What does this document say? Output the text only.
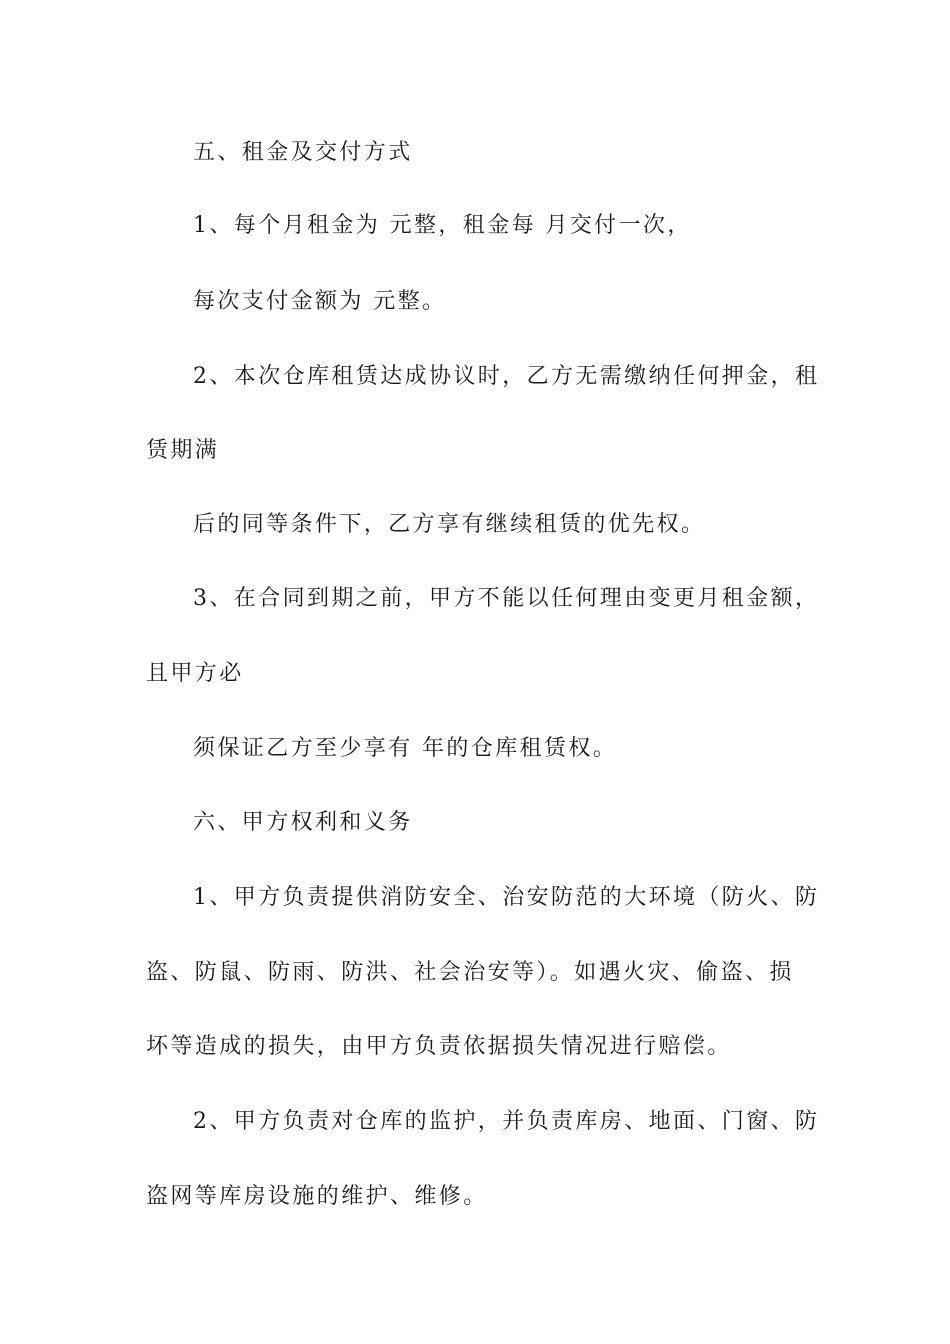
五、租金及交付方式

1、每个月租金为 元整，租金每 月交付一次，

每次支付金额为 元整。

2、本次仓库租赁达成协议时，乙方无需缴纳任何押金，租

赁期满

后的同等条件下，乙方享有继续租赁的优先权。

3、在合同到期之前，甲方不能以任何理由变更月租金额，

且甲方必

须保证乙方至少享有 年的仓库租赁权。

六、甲方权利和义务

1、甲方负责提供消防安全、治安防范的大环境（防火、防

盗、防鼠、防雨、防洪、社会治安等）。如遇火灾、偷盗、损

坏等造成的损失，由甲方负责依据损失情况进行赔偿。

2、甲方负责对仓库的监护，并负责库房、地面、门窗、防

盗网等库房设施的维护、维修。
